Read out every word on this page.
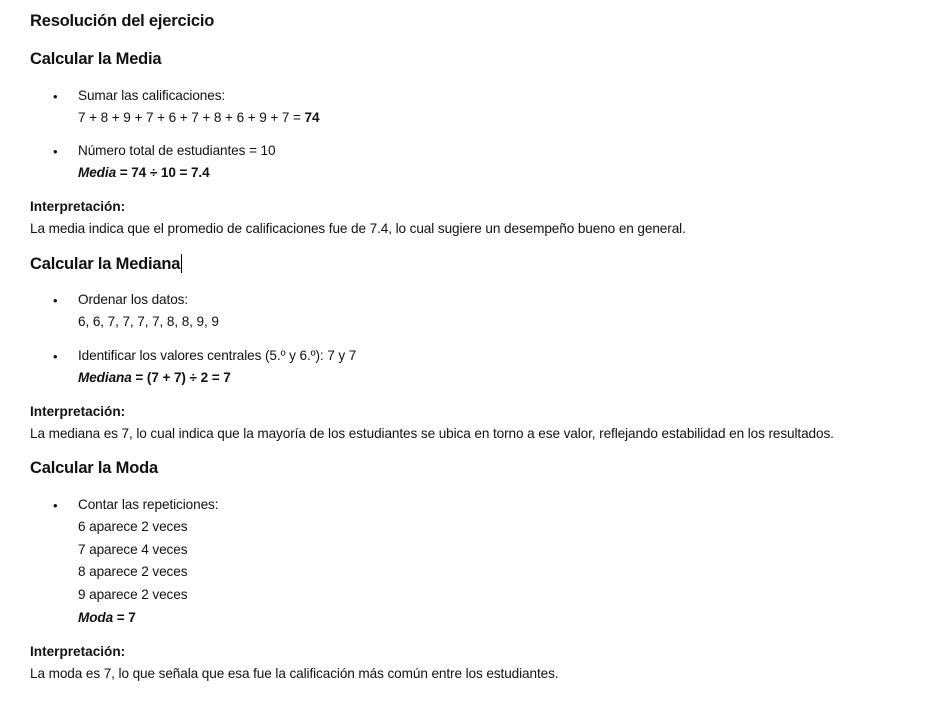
Resolución del ejercicio
Calcular la Media
• Sumar las calificaciones:
7 + 8 + 9 + 7 + 6 + 7 + 8 + 6 + 9 + 7 = 74
• Número total de estudiantes = 10
Media = 74 ÷ 10 = 7.4
Interpretación:
La media indica que el promedio de calificaciones fue de 7.4, lo cual sugiere un desempeño bueno en general.
Calcular la Mediana
• Ordenar los datos:
6, 6, 7, 7, 7, 7, 8, 8, 9, 9
• Identificar los valores centrales (5.º y 6.º): 7 y 7
Mediana = (7 + 7) ÷ 2 = 7
Interpretación:
La mediana es 7, lo cual indica que la mayoría de los estudiantes se ubica en torno a ese valor, reflejando estabilidad en los resultados.
Calcular la Moda
• Contar las repeticiones:
6 aparece 2 veces
7 aparece 4 veces
8 aparece 2 veces
9 aparece 2 veces
Moda = 7
Interpretación:
La moda es 7, lo que señala que esa fue la calificación más común entre los estudiantes.
